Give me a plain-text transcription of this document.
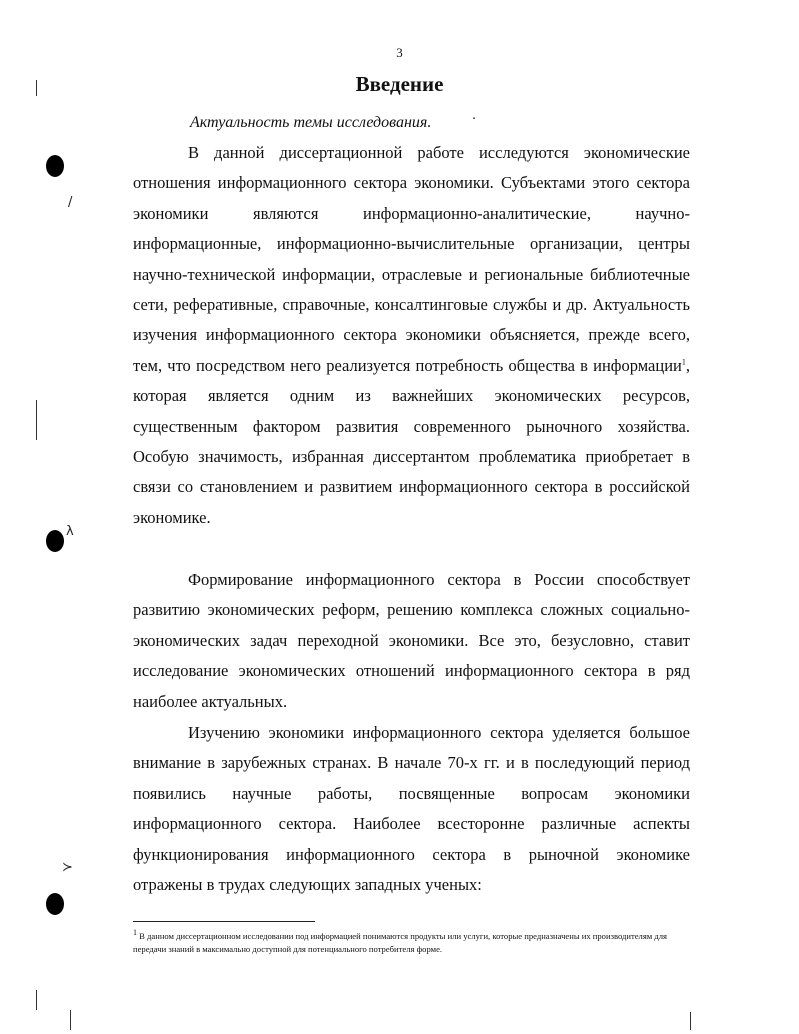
3
Введение
Актуальность темы исследования.

В данной диссертационной работе исследуются экономические отношения информационного сектора экономики. Субъектами этого сектора экономики являются информационно-аналитические, научно-информационные, информационно-вычислительные организации, центры научно-технической информации, отраслевые и региональные библиотечные сети, реферативные, справочные, консалтинговые службы и др. Актуальность изучения информационного сектора экономики объясняется, прежде всего, тем, что посредством него реализуется потребность общества в информации$^1$, которая является одним из важнейших экономических ресурсов, существенным фактором развития современного рыночного хозяйства. Особую значимость, избранная диссертантом проблематика приобретает в связи со становлением и развитием информационного сектора в российской экономике.

Формирование информационного сектора в России способствует развитию экономических реформ, решению комплекса сложных социально-экономических задач переходной экономики. Все это, безусловно, ставит исследование экономических отношений информационного сектора в ряд наиболее актуальных.

Изучению экономики информационного сектора уделяется большое внимание в зарубежных странах. В начале 70-х гг. и в последующий период появились научные работы, посвященные вопросам экономики информационного сектора. Наиболее всесторонне различные аспекты функционирования информационного сектора в рыночной экономике отражены в трудах следующих западных ученых:

$^1$ В данном диссертационном исследовании под информацией понимаются продукты или услуги, которые предназначены их производителям для передачи знаний в максимально доступной для потенциального потребителя форме.

/
λ
≻
·
